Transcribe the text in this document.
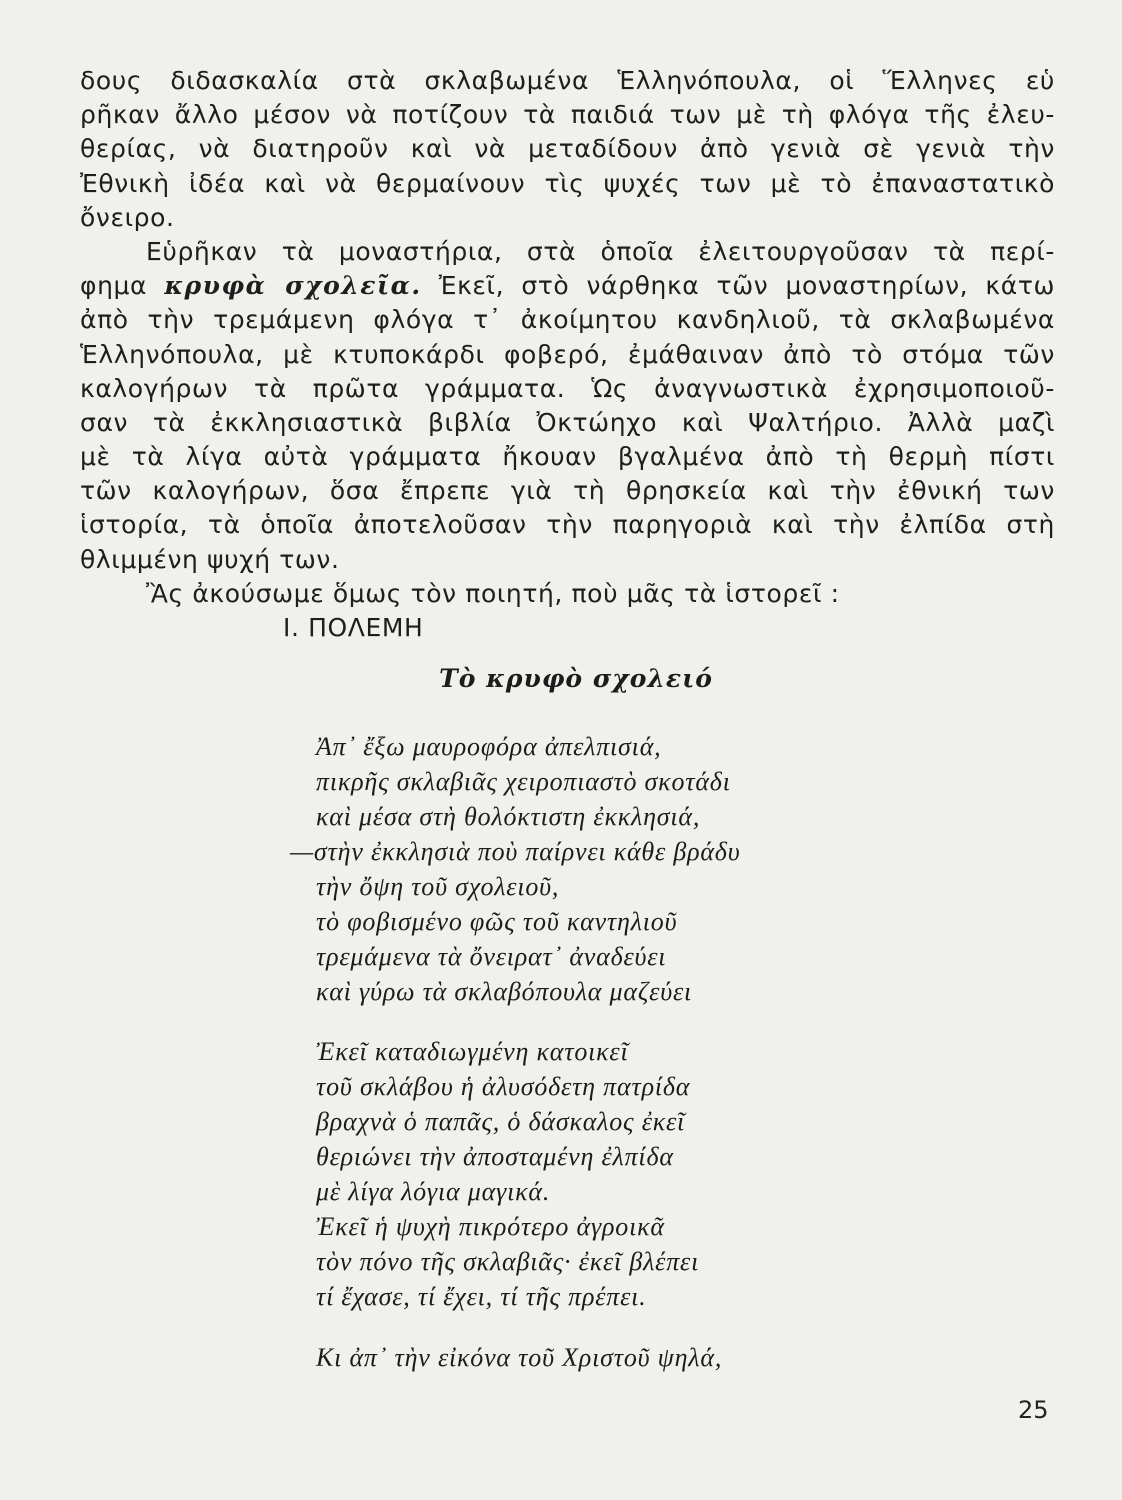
δους διδασκαλία στὰ σκλαβωμένα Ἑλληνόπουλα, οἱ Ἕλληνες εὑ
ρῆκαν ἄλλο μέσον νὰ ποτίζουν τὰ παιδιά των μὲ τὴ φλόγα τῆς ἐλευ-
θερίας, νὰ διατηροῦν καὶ νὰ μεταδίδουν ἀπὸ γενιὰ σὲ γενιὰ τὴν
Ἐθνικὴ ἰδέα καὶ νὰ θερμαίνουν τὶς ψυχές των μὲ τὸ ἐπαναστατικὸ
ὄνειρο.
Εὑρῆκαν τὰ μοναστήρια, στὰ ὁποῖα ἐλειτουργοῦσαν τὰ περί-
φημα κρυφὰ σχολεῖα. Ἐκεῖ, στὸ νάρθηκα τῶν μοναστηρίων, κάτω
ἀπὸ τὴν τρεμάμενη φλόγα τ᾽ ἀκοίμητου κανδηλιοῦ, τὰ σκλαβωμένα
Ἑλληνόπουλα, μὲ κτυποκάρδι φοβερό, ἐμάθαιναν ἀπὸ τὸ στόμα τῶν
καλογήρων τὰ πρῶτα γράμματα. Ὡς ἀναγνωστικὰ ἐχρησιμοποιοῦ-
σαν τὰ ἐκκλησιαστικὰ βιβλία Ὀκτώηχο καὶ Ψαλτήριο. Ἀλλὰ μαζὶ
μὲ τὰ λίγα αὐτὰ γράμματα ἤκουαν βγαλμένα ἀπὸ τὴ θερμὴ πίστι
τῶν καλογήρων, ὅσα ἔπρεπε γιὰ τὴ θρησκεία καὶ τὴν ἐθνική των
ἱστορία, τὰ ὁποῖα ἀποτελοῦσαν τὴν παρηγοριὰ καὶ τὴν ἐλπίδα στὴ
θλιμμένη ψυχή των.
Ἂς ἀκούσωμε ὅμως τὸν ποιητή, ποὺ μᾶς τὰ ἱστορεῖ :
Ι. ΠΟΛΕΜΗ
Τὸ κρυφὸ σχολειό
Ἀπ᾽ ἔξω μαυροφόρα ἀπελπισιά,
πικρῆς σκλαβιᾶς χειροπιαστὸ σκοτάδι
καὶ μέσα στὴ θολόκτιστη ἐκκλησιά,
—στὴν ἐκκλησιὰ ποὺ παίρνει κάθε βράδυ
τὴν ὄψη τοῦ σχολειοῦ,
τὸ φοβισμένο φῶς τοῦ καντηλιοῦ
τρεμάμενα τὰ ὄνειρατ᾽ ἀναδεύει
καὶ γύρω τὰ σκλαβόπουλα μαζεύει
Ἐκεῖ καταδιωγμένη κατοικεῖ
τοῦ σκλάβου ἡ ἀλυσόδετη πατρίδα
βραχνὰ ὁ παπᾶς, ὁ δάσκαλος ἐκεῖ
θεριώνει τὴν ἀποσταμένη ἐλπίδα
μὲ λίγα λόγια μαγικά.
Ἐκεῖ ἡ ψυχὴ πικρότερο ἀγροικᾶ
τὸν πόνο τῆς σκλαβιᾶς· ἐκεῖ βλέπει
τί ἔχασε, τί ἔχει, τί τῆς πρέπει.
Κι ἀπ᾽ τὴν εἰκόνα τοῦ Χριστοῦ ψηλά,
25
